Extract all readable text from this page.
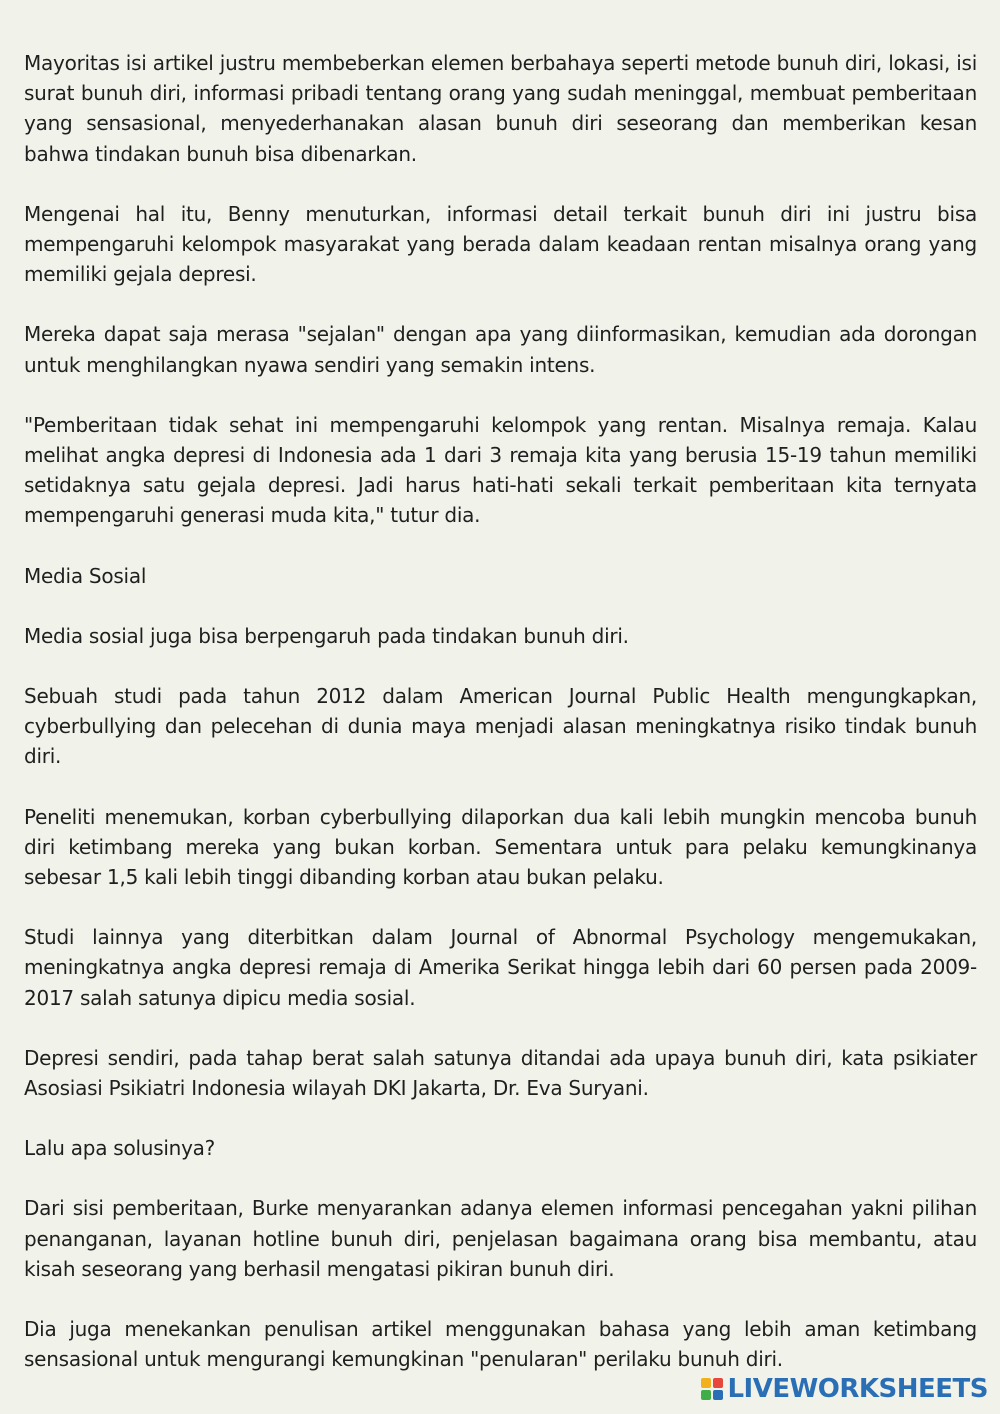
Mayoritas isi artikel justru membeberkan elemen berbahaya seperti metode bunuh diri, lokasi, isi surat bunuh diri, informasi pribadi tentang orang yang sudah meninggal, membuat pemberitaan yang sensasional, menyederhanakan alasan bunuh diri seseorang dan memberikan kesan bahwa tindakan bunuh bisa dibenarkan.

Mengenai hal itu, Benny menuturkan, informasi detail terkait bunuh diri ini justru bisa mempengaruhi kelompok masyarakat yang berada dalam keadaan rentan misalnya orang yang memiliki gejala depresi.

Mereka dapat saja merasa "sejalan" dengan apa yang diinformasikan, kemudian ada dorongan untuk menghilangkan nyawa sendiri yang semakin intens.

"Pemberitaan tidak sehat ini mempengaruhi kelompok yang rentan. Misalnya remaja. Kalau melihat angka depresi di Indonesia ada 1 dari 3 remaja kita yang berusia 15-19 tahun memiliki setidaknya satu gejala depresi. Jadi harus hati-hati sekali terkait pemberitaan kita ternyata mempengaruhi generasi muda kita," tutur dia.

Media Sosial

Media sosial juga bisa berpengaruh pada tindakan bunuh diri.

Sebuah studi pada tahun 2012 dalam American Journal Public Health mengungkapkan, cyberbullying dan pelecehan di dunia maya menjadi alasan meningkatnya risiko tindak bunuh diri.

Peneliti menemukan, korban cyberbullying dilaporkan dua kali lebih mungkin mencoba bunuh diri ketimbang mereka yang bukan korban. Sementara untuk para pelaku kemungkinanya sebesar 1,5 kali lebih tinggi dibanding korban atau bukan pelaku.

Studi lainnya yang diterbitkan dalam Journal of Abnormal Psychology mengemukakan, meningkatnya angka depresi remaja di Amerika Serikat hingga lebih dari 60 persen pada 2009-2017 salah satunya dipicu media sosial.

Depresi sendiri, pada tahap berat salah satunya ditandai ada upaya bunuh diri, kata psikiater Asosiasi Psikiatri Indonesia wilayah DKI Jakarta, Dr. Eva Suryani.

Lalu apa solusinya?

Dari sisi pemberitaan, Burke menyarankan adanya elemen informasi pencegahan yakni pilihan penanganan, layanan hotline bunuh diri, penjelasan bagaimana orang bisa membantu, atau kisah seseorang yang berhasil mengatasi pikiran bunuh diri.

Dia juga menekankan penulisan artikel menggunakan bahasa yang lebih aman ketimbang sensasional untuk mengurangi kemungkinan "penularan" perilaku bunuh diri.

LIVEWORKSHEETS
